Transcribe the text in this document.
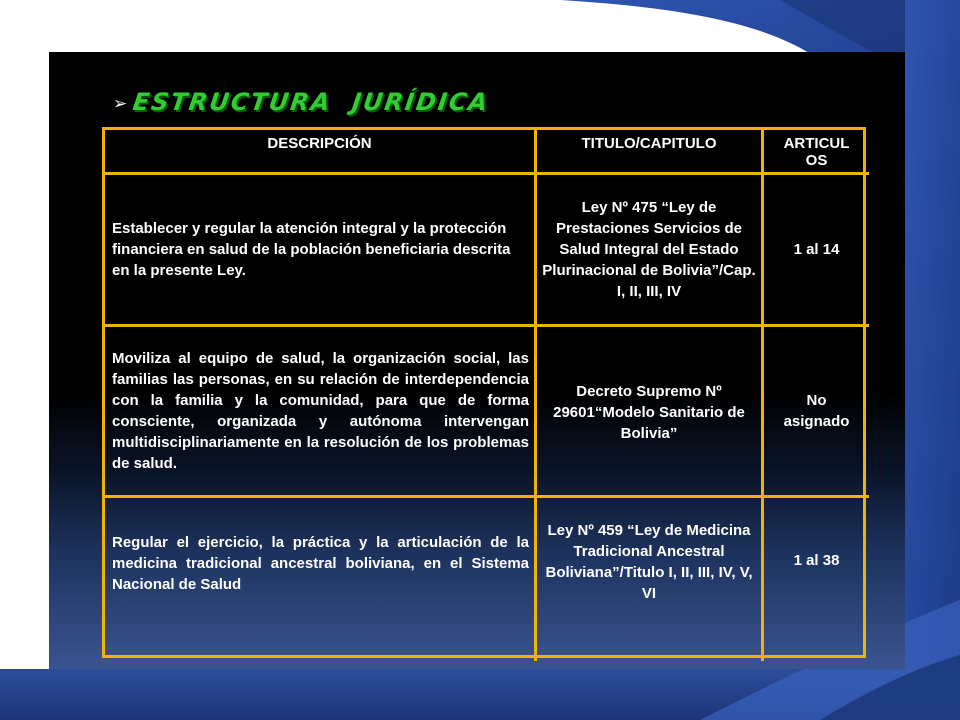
➢ ESTRUCTURA  JURÍDICA
DESCRIPCIÓN	TITULO/CAPITULO	ARTICUL
OS
Establecer y regular la atención integral y la protección financiera en salud de la población beneficiaria descrita en la presente Ley.
Ley Nº 475 “Ley de Prestaciones Servicios de Salud Integral del Estado Plurinacional de Bolivia”/Cap. I, II, III, IV
1 al 14
Moviliza al equipo de salud, la organización social, las familias las personas, en su relación de interdependencia con la familia y la comunidad, para que de forma consciente, organizada y autónoma intervengan multidisciplinariamente en la resolución de los problemas de salud.
Decreto Supremo Nº 29601“Modelo Sanitario de Bolivia”
No asignado
Regular el ejercicio, la práctica y la articulación de la medicina tradicional ancestral boliviana, en el Sistema Nacional de Salud
Ley Nº 459 “Ley de Medicina Tradicional Ancestral Boliviana”/Titulo I, II, III, IV, V, VI
1 al 38
